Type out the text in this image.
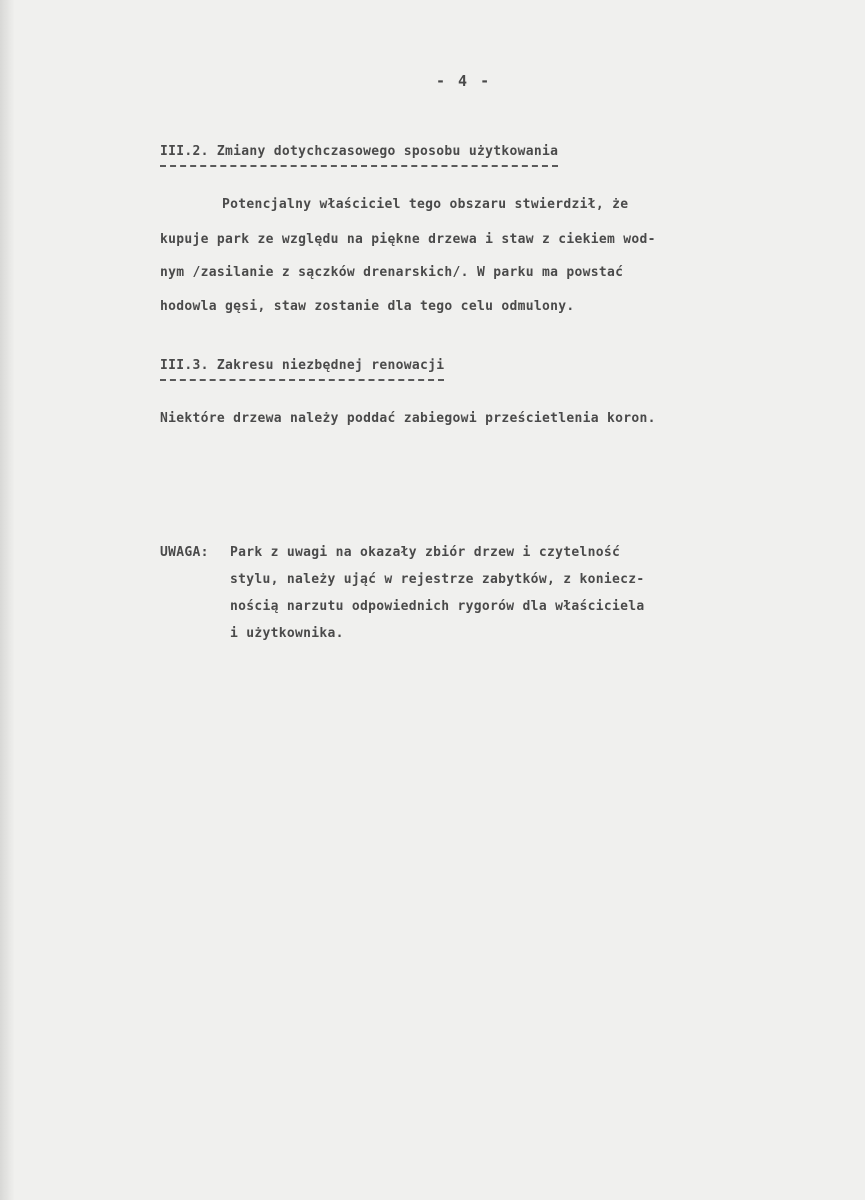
- 4 -

III.2. Zmiany dotychczasowego sposobu użytkowania

Potencjalny właściciel tego obszaru stwierdził, że

kupuje park ze względu na piękne drzewa i staw z ciekiem wod-

nym /zasilanie z sączków drenarskich/. W parku ma powstać

hodowla gęsi, staw zostanie dla tego celu odmulony.

III.3. Zakresu niezbędnej renowacji

Niektóre drzewa należy poddać zabiegowi prześcietlenia koron.

UWAGA: Park z uwagi na okazały zbiór drzew i czytelność

stylu, należy ująć w rejestrze zabytków, z koniecz-

nością narzutu odpowiednich rygorów dla właściciela

i użytkownika.
